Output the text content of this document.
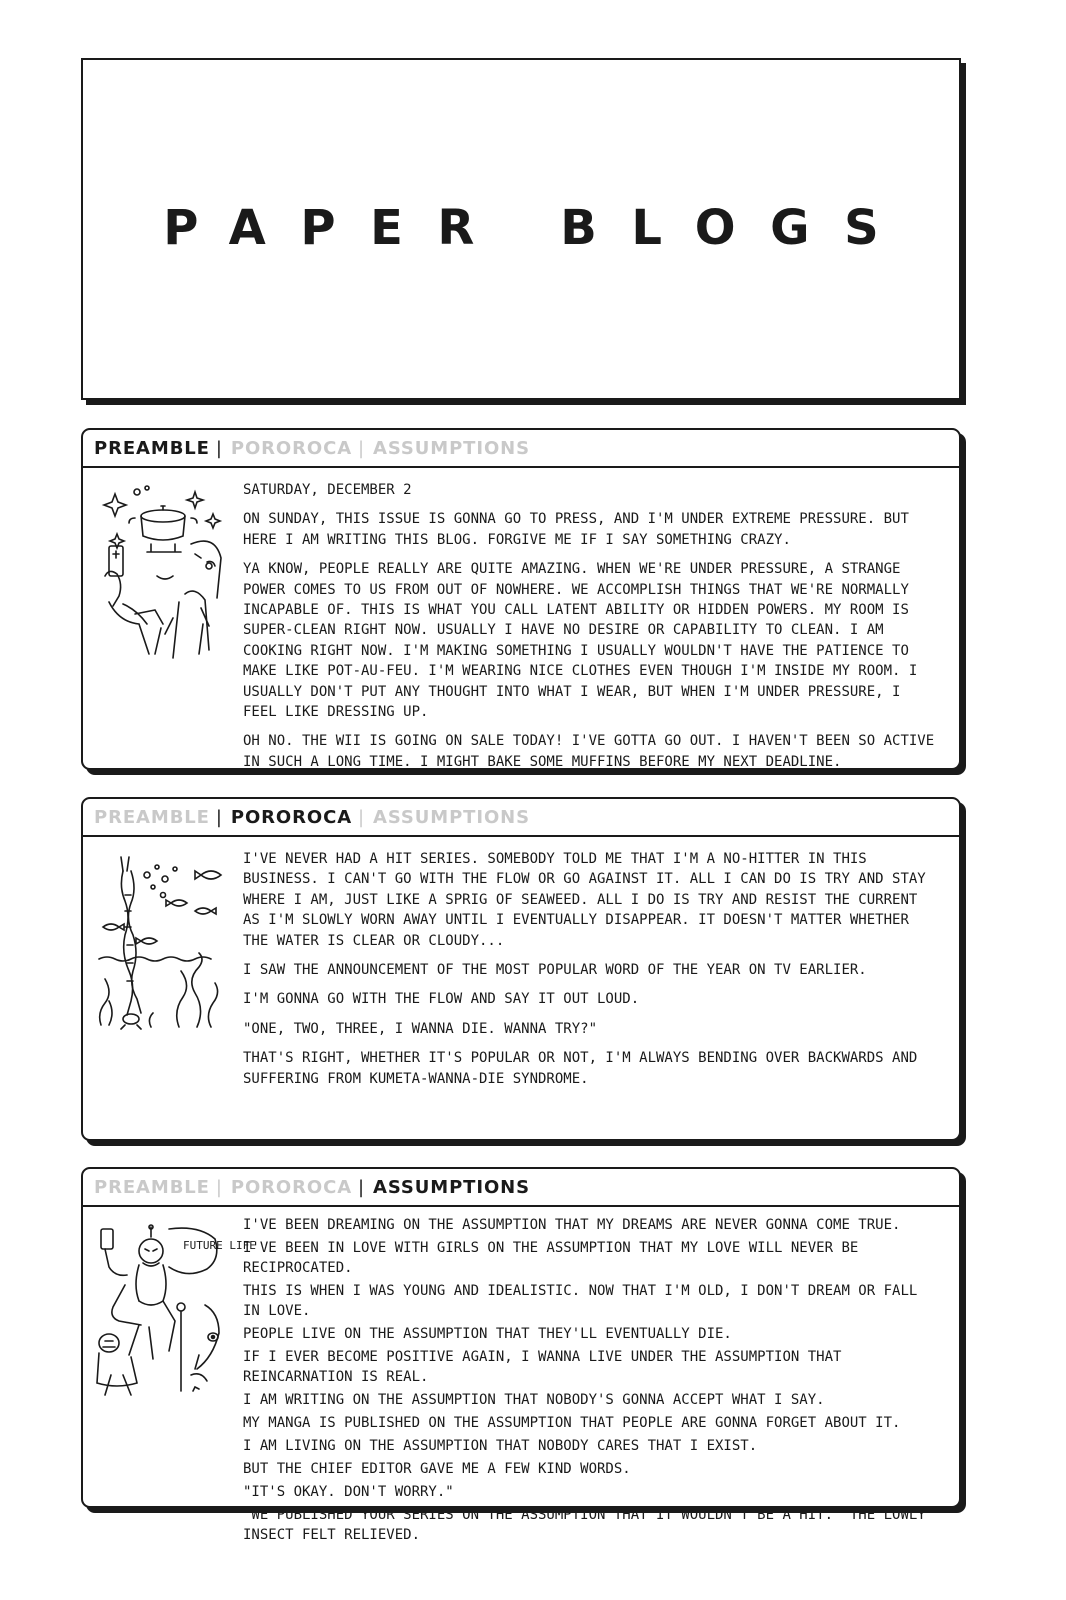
PAPER BLOGS
PREAMBLE | POROROCA | ASSUMPTIONS

SATURDAY, DECEMBER 2

ON SUNDAY, THIS ISSUE IS GONNA GO TO PRESS, AND I'M UNDER EXTREME PRESSURE. BUT HERE I AM WRITING THIS BLOG. FORGIVE ME IF I SAY SOMETHING CRAZY.

YA KNOW, PEOPLE REALLY ARE QUITE AMAZING. WHEN WE'RE UNDER PRESSURE, A STRANGE POWER COMES TO US FROM OUT OF NOWHERE. WE ACCOMPLISH THINGS THAT WE'RE NORMALLY INCAPABLE OF. THIS IS WHAT YOU CALL LATENT ABILITY OR HIDDEN POWERS. MY ROOM IS SUPER-CLEAN RIGHT NOW. USUALLY I HAVE NO DESIRE OR CAPABILITY TO CLEAN. I AM COOKING RIGHT NOW. I'M MAKING SOMETHING I USUALLY WOULDN'T HAVE THE PATIENCE TO MAKE LIKE POT-AU-FEU. I'M WEARING NICE CLOTHES EVEN THOUGH I'M INSIDE MY ROOM. I USUALLY DON'T PUT ANY THOUGHT INTO WHAT I WEAR, BUT WHEN I'M UNDER PRESSURE, I FEEL LIKE DRESSING UP.

OH NO. THE WII IS GOING ON SALE TODAY! I'VE GOTTA GO OUT. I HAVEN'T BEEN SO ACTIVE IN SUCH A LONG TIME. I MIGHT BAKE SOME MUFFINS BEFORE MY NEXT DEADLINE.

PREAMBLE | POROROCA | ASSUMPTIONS

I'VE NEVER HAD A HIT SERIES. SOMEBODY TOLD ME THAT I'M A NO-HITTER IN THIS BUSINESS. I CAN'T GO WITH THE FLOW OR GO AGAINST IT. ALL I CAN DO IS TRY AND STAY WHERE I AM, JUST LIKE A SPRIG OF SEAWEED. ALL I DO IS TRY AND RESIST THE CURRENT AS I'M SLOWLY WORN AWAY UNTIL I EVENTUALLY DISAPPEAR. IT DOESN'T MATTER WHETHER THE WATER IS CLEAR OR CLOUDY...

I SAW THE ANNOUNCEMENT OF THE MOST POPULAR WORD OF THE YEAR ON TV EARLIER.

I'M GONNA GO WITH THE FLOW AND SAY IT OUT LOUD.

"ONE, TWO, THREE, I WANNA DIE. WANNA TRY?"

THAT'S RIGHT, WHETHER IT'S POPULAR OR NOT, I'M ALWAYS BENDING OVER BACKWARDS AND SUFFERING FROM KUMETA-WANNA-DIE SYNDROME.

PREAMBLE | POROROCA | ASSUMPTIONS
FUTURE LIFE

I'VE BEEN DREAMING ON THE ASSUMPTION THAT MY DREAMS ARE NEVER GONNA COME TRUE.

I'VE BEEN IN LOVE WITH GIRLS ON THE ASSUMPTION THAT MY LOVE WILL NEVER BE RECIPROCATED.

THIS IS WHEN I WAS YOUNG AND IDEALISTIC. NOW THAT I'M OLD, I DON'T DREAM OR FALL IN LOVE.

PEOPLE LIVE ON THE ASSUMPTION THAT THEY'LL EVENTUALLY DIE.

IF I EVER BECOME POSITIVE AGAIN, I WANNA LIVE UNDER THE ASSUMPTION THAT REINCARNATION IS REAL.

I AM WRITING ON THE ASSUMPTION THAT NOBODY'S GONNA ACCEPT WHAT I SAY.

MY MANGA IS PUBLISHED ON THE ASSUMPTION THAT PEOPLE ARE GONNA FORGET ABOUT IT.

I AM LIVING ON THE ASSUMPTION THAT NOBODY CARES THAT I EXIST.

BUT THE CHIEF EDITOR GAVE ME A FEW KIND WORDS.

"IT'S OKAY. DON'T WORRY."

"WE PUBLISHED YOUR SERIES ON THE ASSUMPTION THAT IT WOULDN'T BE A HIT." THE LOWLY INSECT FELT RELIEVED.
